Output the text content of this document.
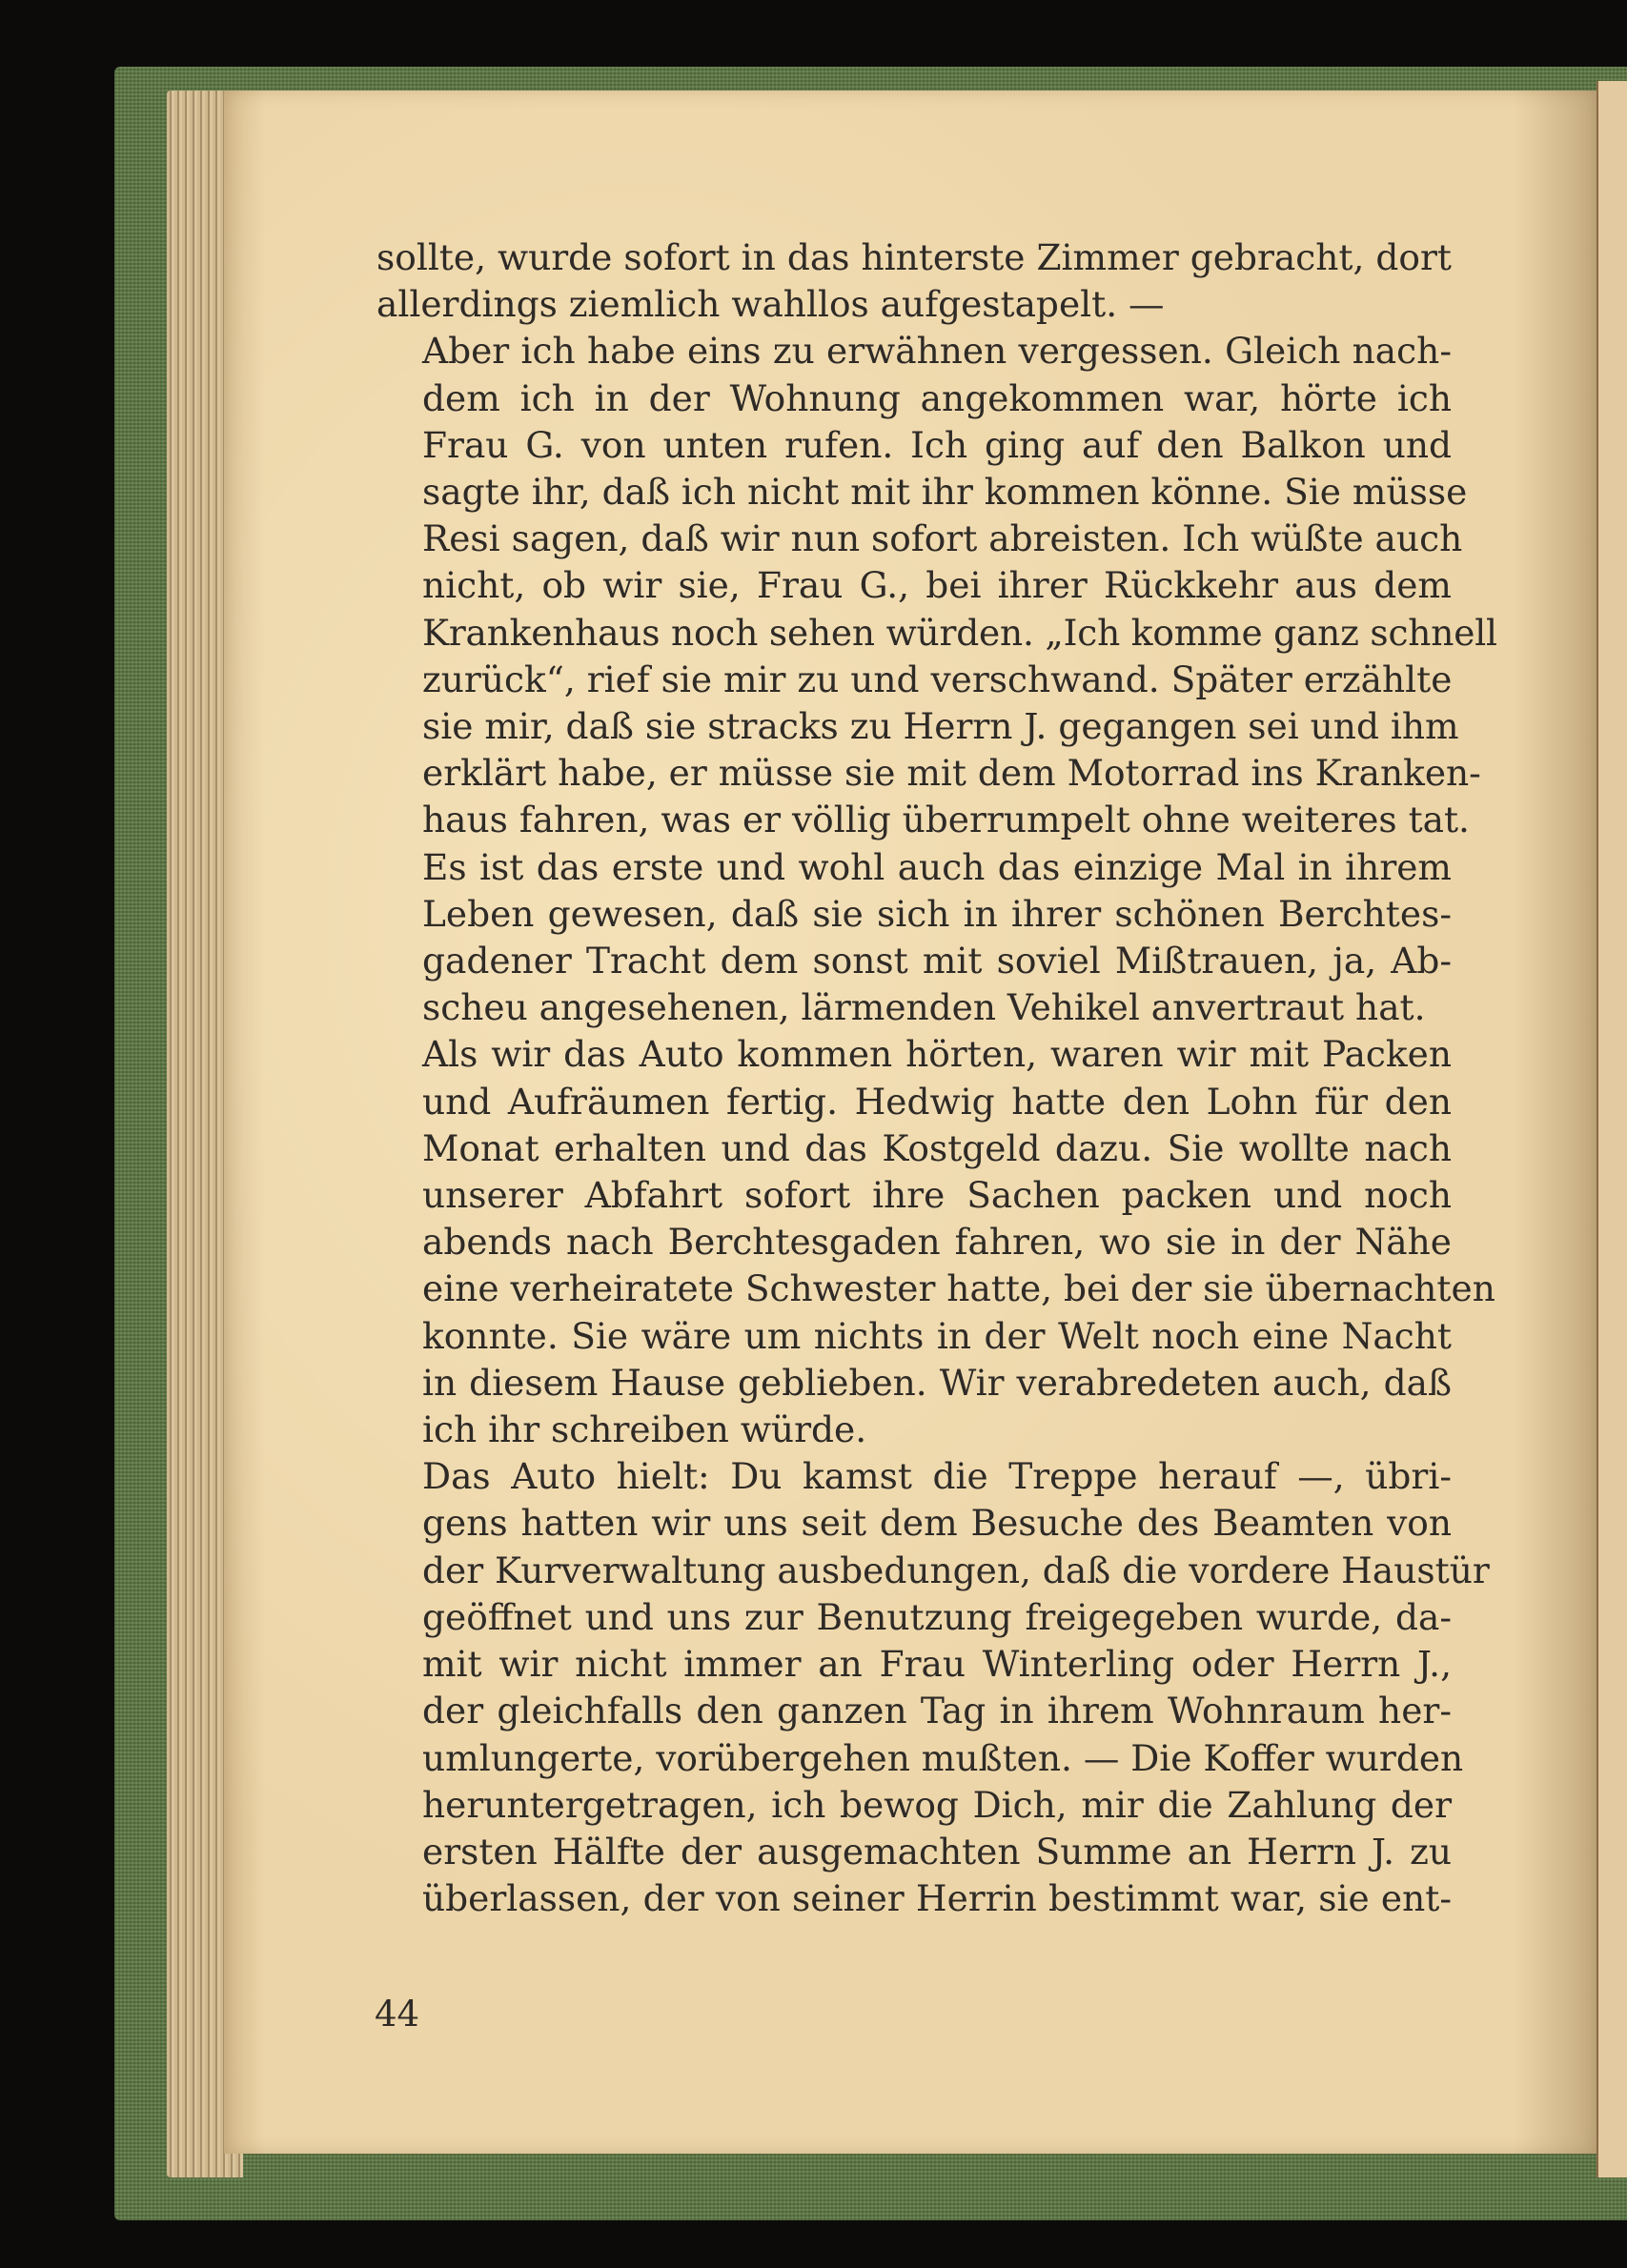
sollte, wurde sofort in das hinterste Zimmer gebracht, dort
allerdings ziemlich wahllos aufgestapelt. —

Aber ich habe eins zu erwähnen vergessen. Gleich nach-
dem ich in der Wohnung angekommen war, hörte ich
Frau G. von unten rufen. Ich ging auf den Balkon und
sagte ihr, daß ich nicht mit ihr kommen könne. Sie müsse
Resi sagen, daß wir nun sofort abreisten. Ich wüßte auch
nicht, ob wir sie, Frau G., bei ihrer Rückkehr aus dem
Krankenhaus noch sehen würden. „Ich komme ganz schnell
zurück“, rief sie mir zu und verschwand. Später erzählte
sie mir, daß sie stracks zu Herrn J. gegangen sei und ihm
erklärt habe, er müsse sie mit dem Motorrad ins Kranken-
haus fahren, was er völlig überrumpelt ohne weiteres tat.
Es ist das erste und wohl auch das einzige Mal in ihrem
Leben gewesen, daß sie sich in ihrer schönen Berchtes-
gadener Tracht dem sonst mit soviel Mißtrauen, ja, Ab-
scheu angesehenen, lärmenden Vehikel anvertraut hat.

Als wir das Auto kommen hörten, waren wir mit Packen
und Aufräumen fertig. Hedwig hatte den Lohn für den
Monat erhalten und das Kostgeld dazu. Sie wollte nach
unserer Abfahrt sofort ihre Sachen packen und noch
abends nach Berchtesgaden fahren, wo sie in der Nähe
eine verheiratete Schwester hatte, bei der sie übernachten
konnte. Sie wäre um nichts in der Welt noch eine Nacht
in diesem Hause geblieben. Wir verabredeten auch, daß
ich ihr schreiben würde.

Das Auto hielt: Du kamst die Treppe herauf —, übri-
gens hatten wir uns seit dem Besuche des Beamten von
der Kurverwaltung ausbedungen, daß die vordere Haustür
geöffnet und uns zur Benutzung freigegeben wurde, da-
mit wir nicht immer an Frau Winterling oder Herrn J.,
der gleichfalls den ganzen Tag in ihrem Wohnraum her-
umlungerte, vorübergehen mußten. — Die Koffer wurden
heruntergetragen, ich bewog Dich, mir die Zahlung der
ersten Hälfte der ausgemachten Summe an Herrn J. zu
überlassen, der von seiner Herrin bestimmt war, sie ent-

44
